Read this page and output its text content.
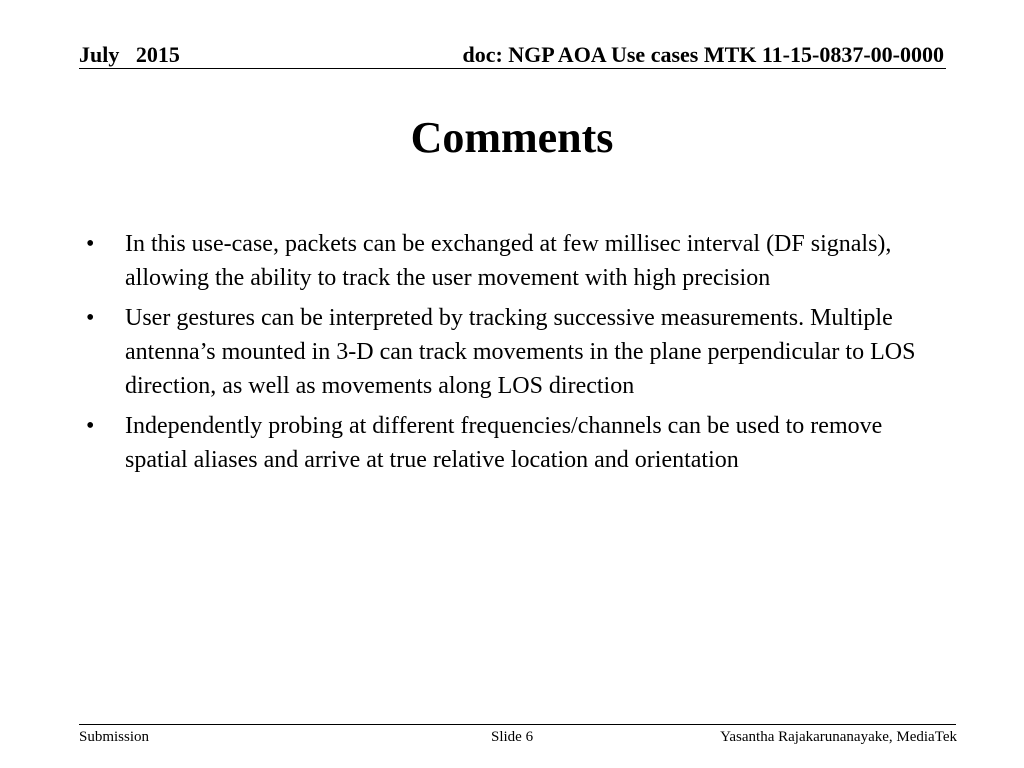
July   2015	doc: NGP AOA Use cases MTK 11-15-0837-00-0000
Comments
• In this use-case, packets can be exchanged at few millisec interval (DF signals), allowing the ability to track the user movement with high precision
• User gestures can be interpreted by tracking successive measurements. Multiple antenna’s mounted in 3-D can track movements in the plane perpendicular to LOS direction, as well as movements along LOS direction
• Independently probing at different frequencies/channels can be used to remove spatial aliases and arrive at true relative location and orientation
Submission	Slide 6	Yasantha Rajakarunanayake, MediaTek
